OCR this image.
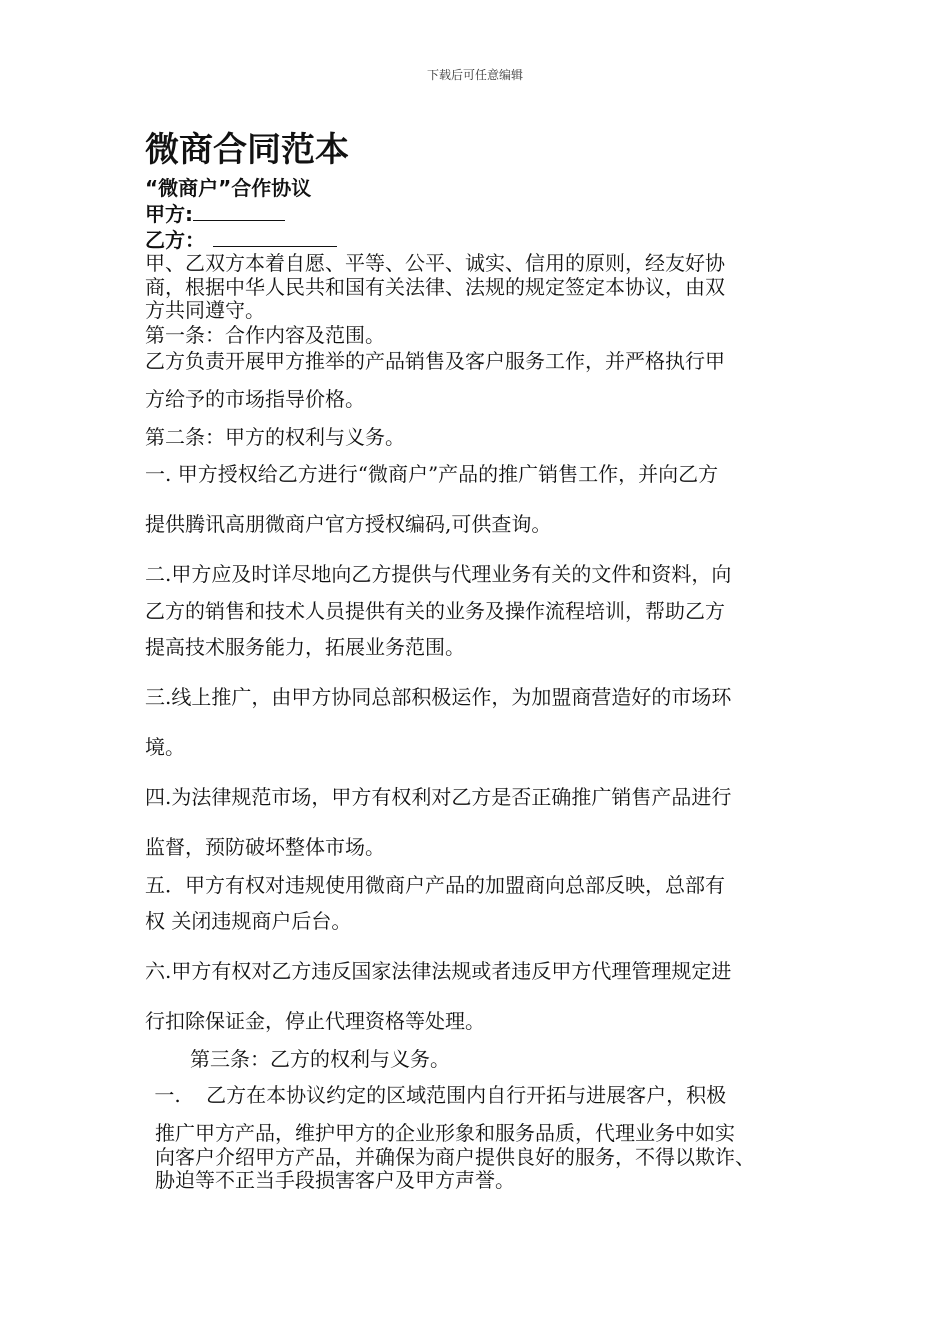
下载后可任意编辑
微商合同范本
“微商户”合作协议
甲方:
乙方：
甲、乙双方本着自愿、平等、公平、诚实、信用的原则，经友好协
商，根据中华人民共和国有关法律、法规的规定签定本协议，由双
方共同遵守。
第一条：合作内容及范围。
乙方负责开展甲方推举的产品销售及客户服务工作，并严格执行甲
方给予的市场指导价格。
第二条：甲方的权利与义务。
一. 甲方授权给乙方进行“微商户”产品的推广销售工作，并向乙方
提供腾讯高朋微商户官方授权编码,可供查询。
二.甲方应及时详尽地向乙方提供与代理业务有关的文件和资料，向
乙方的销售和技术人员提供有关的业务及操作流程培训，帮助乙方
提高技术服务能力，拓展业务范围。
三.线上推广，由甲方协同总部积极运作，为加盟商营造好的市场环
境。
四.为法律规范市场，甲方有权利对乙方是否正确推广销售产品进行
监督，预防破坏整体市场。
五．甲方有权对违规使用微商户产品的加盟商向总部反映，总部有
权 关闭违规商户后台。
六.甲方有权对乙方违反国家法律法规或者违反甲方代理管理规定进
行扣除保证金，停止代理资格等处理。
第三条：乙方的权利与义务。
一.    乙方在本协议约定的区域范围内自行开拓与进展客户，积极
推广甲方产品，维护甲方的企业形象和服务品质，代理业务中如实
向客户介绍甲方产品，并确保为商户提供良好的服务，不得以欺诈、
胁迫等不正当手段损害客户及甲方声誉。
